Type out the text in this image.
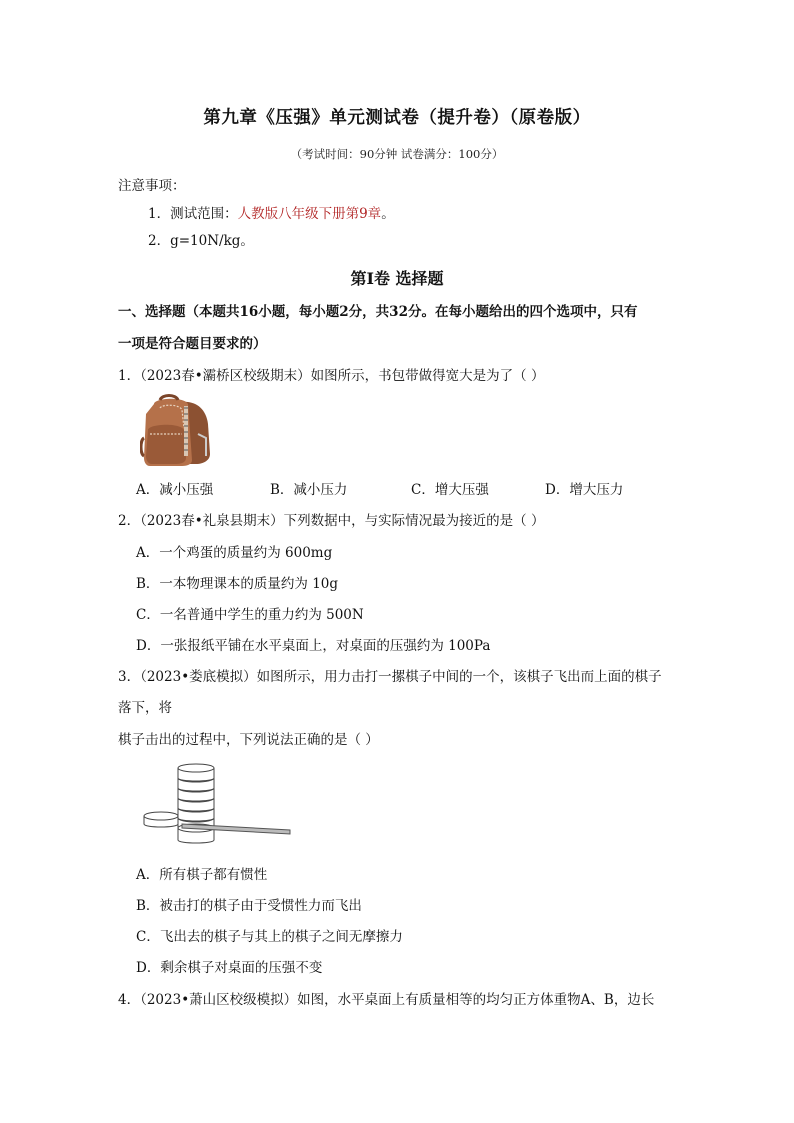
第九章《压强》单元测试卷（提升卷）（原卷版）
（考试时间：90分钟 试卷满分：100分）
注意事项：
1．测试范围：人教版八年级下册第9章。
2．g=10N/kg。
第Ⅰ卷 选择题
一、选择题（本题共16小题，每小题2分，共32分。在每小题给出的四个选项中，只有
一项是符合题目要求的）
1．（2023春•灞桥区校级期末）如图所示，书包带做得宽大是为了（ ）
A．减小压强	B．减小压力	C．增大压强	D．增大压力
2．（2023春•礼泉县期末）下列数据中，与实际情况最为接近的是（ ）
A．一个鸡蛋的质量约为 600mg
B．一本物理课本的质量约为 10g
C．一名普通中学生的重力约为 500N
D．一张报纸平铺在水平桌面上，对桌面的压强约为 100Pa
3．（2023•娄底模拟）如图所示，用力击打一摞棋子中间的一个，该棋子飞出而上面的棋子
落下，将
棋子击出的过程中，下列说法正确的是（ ）
A．所有棋子都有惯性
B．被击打的棋子由于受惯性力而飞出
C．飞出去的棋子与其上的棋子之间无摩擦力
D．剩余棋子对桌面的压强不变
4．（2023•萧山区校级模拟）如图，水平桌面上有质量相等的均匀正方体重物A、B，边长
